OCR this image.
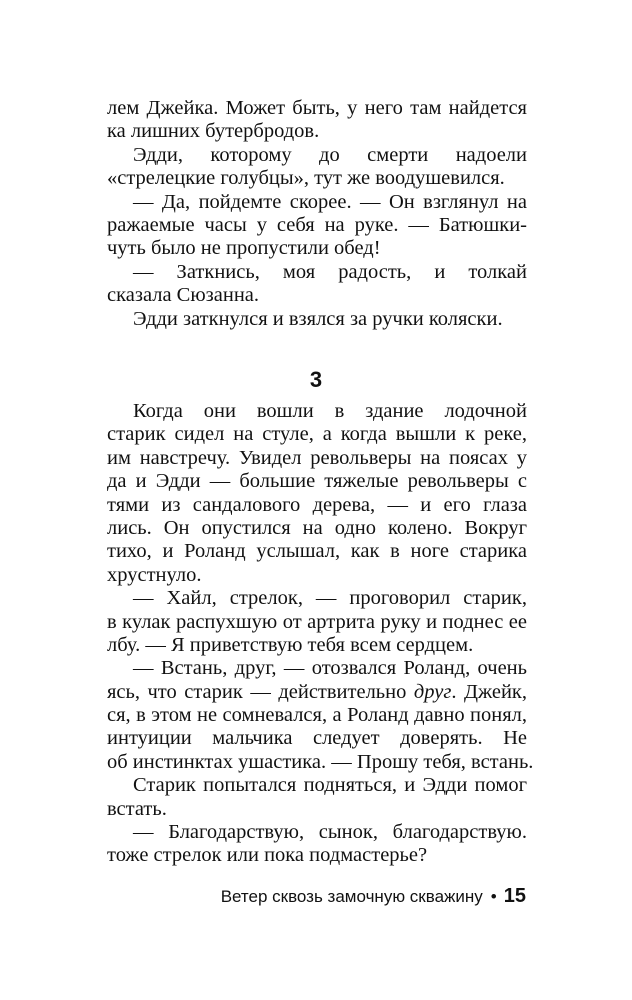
лем Джейка. Может быть, у него там найдется
ка лишних бутербродов.
Эдди, которому до смерти надоели
«стрелецкие голубцы», тут же воодушевился.
— Да, пойдемте скорее. — Он взглянул на
ражаемые часы у себя на руке. — Батюшки-
чуть было не пропустили обед!
— Заткнись, моя радость, и толкай
сказала Сюзанна.
Эдди заткнулся и взялся за ручки коляски.
3
Когда они вошли в здание лодочной
старик сидел на стуле, а когда вышли к реке,
им навстречу. Увидел револьверы на поясах у
да и Эдди — большие тяжелые револьверы с
тями из сандалового дерева, — и его глаза
лись. Он опустился на одно колено. Вокруг
тихо, и Роланд услышал, как в ноге старика
хрустнуло.
— Хайл, стрелок, — проговорил старик,
в кулак распухшую от артрита руку и поднес ее
лбу. — Я приветствую тебя всем сердцем.
— Встань, друг, — отозвался Роланд, очень
ясь, что старик — действительно друг. Джейк,
ся, в этом не сомневался, а Роланд давно понял,
интуиции мальчика следует доверять. Не
об инстинктах ушастика. — Прошу тебя, встань.
Старик попытался подняться, и Эдди помог
встать.
— Благодарствую, сынок, благодарствую.
тоже стрелок или пока подмастерье?
Ветер сквозь замочную скважину • 15
